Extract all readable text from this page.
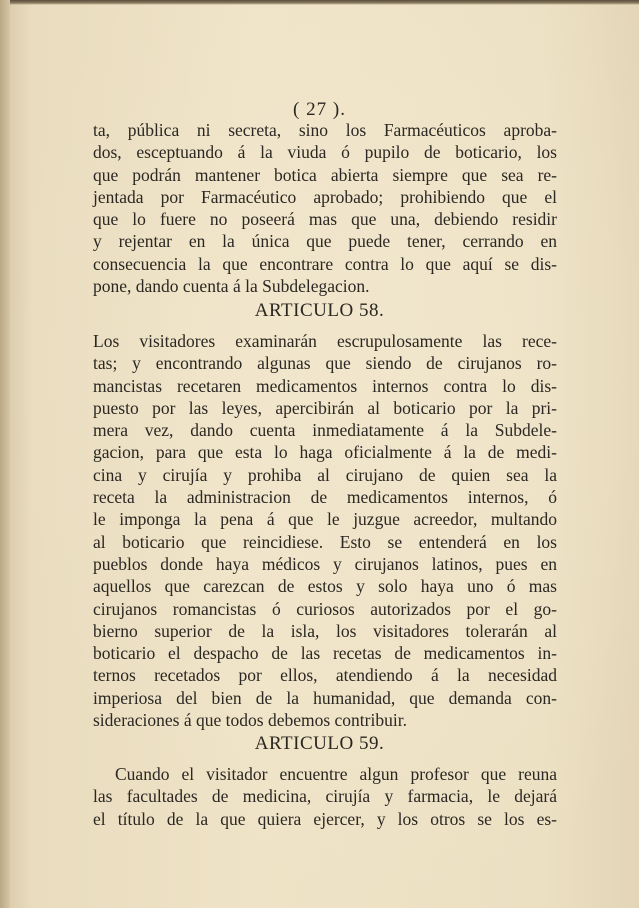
( 27 ).
ta, pública ni secreta, sino los Farmacéuticos aproba-
dos, esceptuando á la viuda ó pupilo de boticario, los
que podrán mantener botica abierta siempre que sea re-
jentada por Farmacéutico aprobado; prohibiendo que el
que lo fuere no poseerá mas que una, debiendo residir
y rejentar en la única que puede tener, cerrando en
consecuencia la que encontrare contra lo que aquí se dis-
pone, dando cuenta á la Subdelegacion.
ARTICULO 58.
Los visitadores examinarán escrupulosamente las rece-
tas; y encontrando algunas que siendo de cirujanos ro-
mancistas recetaren medicamentos internos contra lo dis-
puesto por las leyes, apercibirán al boticario por la pri-
mera vez, dando cuenta inmediatamente á la Subdele-
gacion, para que esta lo haga oficialmente á la de medi-
cina y cirujía y prohiba al cirujano de quien sea la
receta la administracion de medicamentos internos, ó
le imponga la pena á que le juzgue acreedor, multando
al boticario que reincidiese. Esto se entenderá en los
pueblos donde haya médicos y cirujanos latinos, pues en
aquellos que carezcan de estos y solo haya uno ó mas
cirujanos romancistas ó curiosos autorizados por el go-
bierno superior de la isla, los visitadores tolerarán al
boticario el despacho de las recetas de medicamentos in-
ternos recetados por ellos, atendiendo á la necesidad
imperiosa del bien de la humanidad, que demanda con-
sideraciones á que todos debemos contribuir.
ARTICULO 59.
Cuando el visitador encuentre algun profesor que reuna
las facultades de medicina, cirujía y farmacia, le dejará
el título de la que quiera ejercer, y los otros se los es-
